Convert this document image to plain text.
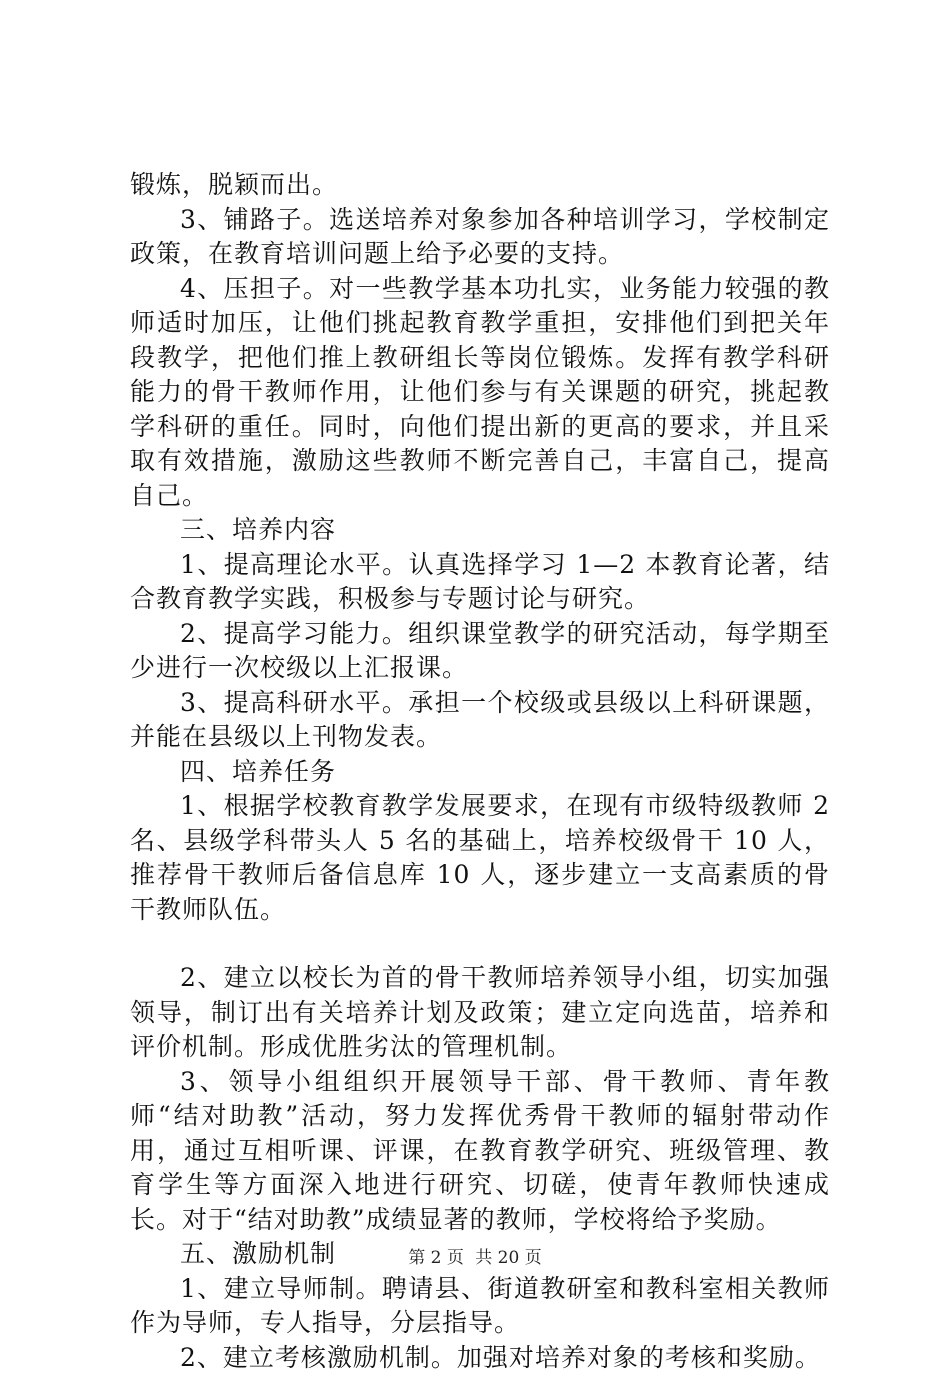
锻炼，脱颖而出。

3、铺路子。选送培养对象参加各种培训学习，学校制定政策，在教育培训问题上给予必要的支持。

4、压担子。对一些教学基本功扎实，业务能力较强的教师适时加压，让他们挑起教育教学重担，安排他们到把关年段教学，把他们推上教研组长等岗位锻炼。发挥有教学科研能力的骨干教师作用，让他们参与有关课题的研究，挑起教学科研的重任。同时，向他们提出新的更高的要求，并且采取有效措施，激励这些教师不断完善自己，丰富自己，提高自己。

三、培养内容

1、提高理论水平。认真选择学习 1—2 本教育论著，结合教育教学实践，积极参与专题讨论与研究。

2、提高学习能力。组织课堂教学的研究活动，每学期至少进行一次校级以上汇报课。

3、提高科研水平。承担一个校级或县级以上科研课题，并能在县级以上刊物发表。

四、培养任务

1、根据学校教育教学发展要求，在现有市级特级教师 2 名、县级学科带头人 5 名的基础上，培养校级骨干 10 人，推荐骨干教师后备信息库 10 人，逐步建立一支高素质的骨干教师队伍。

2、建立以校长为首的骨干教师培养领导小组，切实加强领导，制订出有关培养计划及政策；建立定向选苗，培养和评价机制。形成优胜劣汰的管理机制。

3、领导小组组织开展领导干部、骨干教师、青年教师“结对助教”活动，努力发挥优秀骨干教师的辐射带动作用，通过互相听课、评课，在教育教学研究、班级管理、教育学生等方面深入地进行研究、切磋，使青年教师快速成长。对于“结对助教”成绩显著的教师，学校将给予奖励。

五、激励机制

1、建立导师制。聘请县、街道教研室和教科室相关教师作为导师，专人指导，分层指导。

2、建立考核激励机制。加强对培养对象的考核和奖励。

第 2 页 共 20 页
